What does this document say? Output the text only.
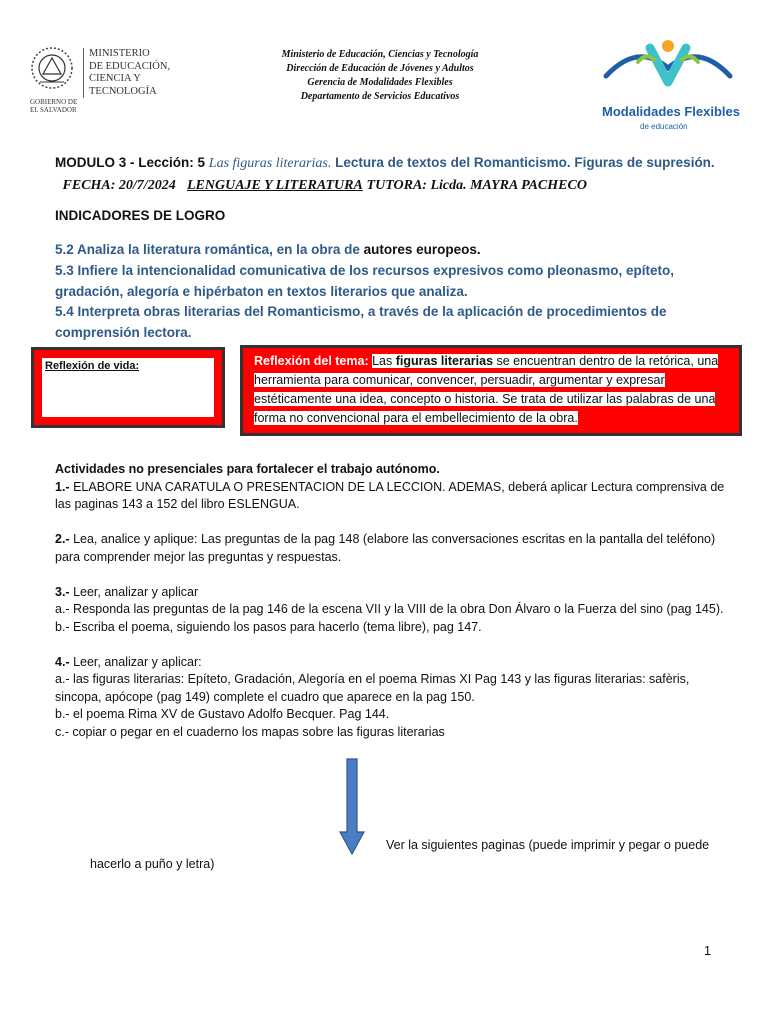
GOBIERNO DE
EL SALVADOR
MINISTERIO
DE EDUCACIÓN,
CIENCIA Y
TECNOLOGÍA
Ministerio de Educación, Ciencias y Tecnología
Dirección de Educación de Jóvenes y Adultos
Gerencia de Modalidades Flexibles
Departamento de Servicios Educativos
Modalidades Flexibles
de educación
MODULO 3 - Lección: 5 Las figuras literarias. Lectura de textos del Romanticismo. Figuras de supresión.   FECHA: 20/7/2024 LENGUAJE Y LITERATURA TUTORA: Licda. MAYRA PACHECO
INDICADORES DE LOGRO
5.2 Analiza la literatura romántica, en la obra de autores europeos.
5.3 Infiere la intencionalidad comunicativa de los recursos expresivos como pleonasmo, epíteto, gradación, alegoría e hipérbaton en textos literarios que analiza.
5.4 Interpreta obras literarias del Romanticismo, a través de la aplicación de procedimientos de comprensión lectora.
Reflexión de vida:	Reflexión del tema: Las figuras literarias se encuentran dentro de la retórica, una herramienta para comunicar, convencer, persuadir, argumentar y expresar estéticamente una idea, concepto o historia. Se trata de utilizar las palabras de una forma no convencional para el embellecimiento de la obra.

Actividades no presenciales para fortalecer el trabajo autónomo.

1.- ELABORE UNA CARATULA O PRESENTACION DE LA LECCION. ADEMAS, deberá aplicar Lectura comprensiva de las paginas 143 a 152 del libro ESLENGUA.

2.- Lea, analice y aplique: Las preguntas de la pag 148 (elabore las conversaciones escritas en la pantalla del teléfono) para comprender mejor las preguntas y respuestas.

3.- Leer, analizar y aplicar

a.- Responda las preguntas de la pag 146 de la escena VII y la VIII de la obra Don Álvaro o la Fuerza del sino (pag 145).

b.- Escriba el poema, siguiendo los pasos para hacerlo (tema libre), pag 147.

4.- Leer, analizar y aplicar:

a.- las figuras literarias: Epíteto, Gradación, Alegoría en el poema Rimas XI Pag 143 y las figuras literarias: safèris, sincopa, apócope (pag 149) complete el cuadro que aparece en la pag 150.

b.- el poema Rima XV de Gustavo Adolfo Becquer. Pag 144.

c.- copiar o pegar en el cuaderno los mapas sobre las figuras literarias

Ver la siguientes paginas (puede imprimir y pegar o puede
hacerlo a puño y letra)
1
